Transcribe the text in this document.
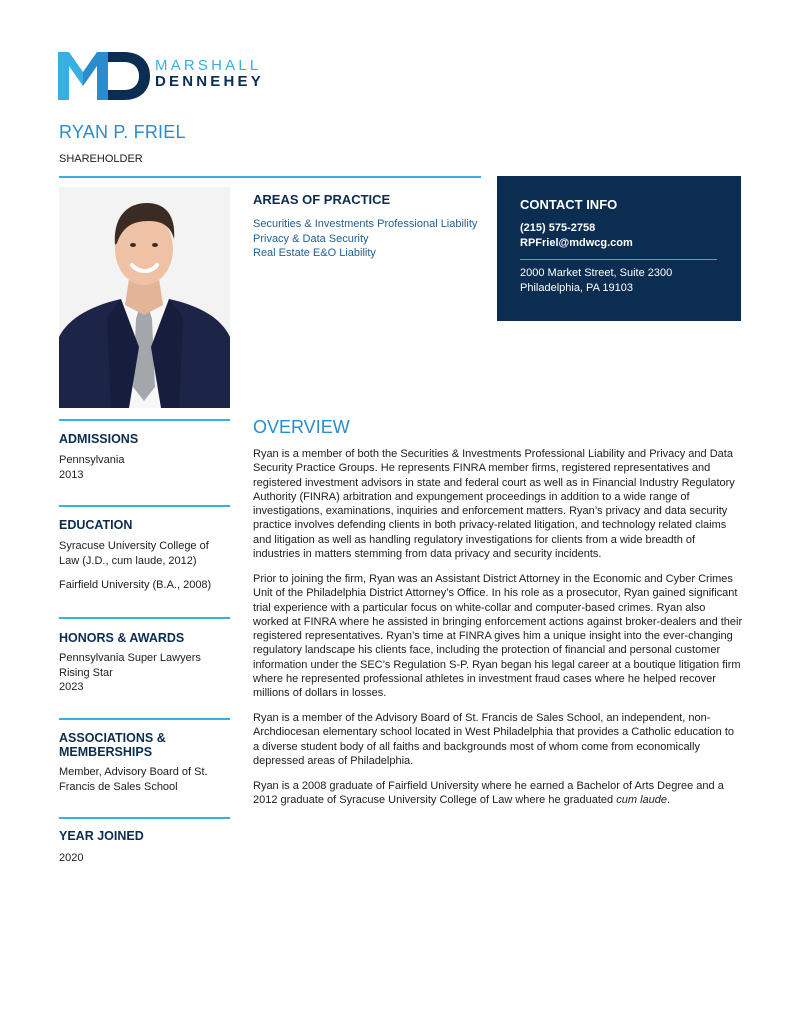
MARSHALL
DENNEHEY
RYAN P. FRIEL
SHAREHOLDER
AREAS OF PRACTICE
Securities & Investments Professional Liability
Privacy & Data Security
Real Estate E&O Liability
CONTACT INFO
(215) 575-2758
RPFriel@mdwcg.com
2000 Market Street, Suite 2300
Philadelphia, PA 19103
ADMISSIONS
Pennsylvania
2013
EDUCATION
Syracuse University College of Law (J.D., cum laude, 2012)
Fairfield University (B.A., 2008)
HONORS & AWARDS
Pennsylvania Super Lawyers
Rising Star
2023
ASSOCIATIONS &
MEMBERSHIPS
Member, Advisory Board of St. Francis de Sales School
YEAR JOINED
2020
OVERVIEW
Ryan is a member of both the Securities & Investments Professional Liability and Privacy and Data Security Practice Groups. He represents FINRA member firms, registered representatives and registered investment advisors in state and federal court as well as in Financial Industry Regulatory Authority (FINRA) arbitration and expungement proceedings in addition to a wide range of investigations, examinations, inquiries and enforcement matters. Ryan’s privacy and data security practice involves defending clients in both privacy-related litigation, and technology related claims and litigation as well as handling regulatory investigations for clients from a wide breadth of industries in matters stemming from data privacy and security incidents.
Prior to joining the firm, Ryan was an Assistant District Attorney in the Economic and Cyber Crimes Unit of the Philadelphia District Attorney’s Office. In his role as a prosecutor, Ryan gained significant trial experience with a particular focus on white-collar and computer-based crimes. Ryan also worked at FINRA where he assisted in bringing enforcement actions against broker-dealers and their registered representatives. Ryan’s time at FINRA gives him a unique insight into the ever-changing regulatory landscape his clients face, including the protection of financial and personal customer information under the SEC’s Regulation S-P. Ryan began his legal career at a boutique litigation firm where he represented professional athletes in investment fraud cases where he helped recover millions of dollars in losses.
Ryan is a member of the Advisory Board of St. Francis de Sales School, an independent, non-Archdiocesan elementary school located in West Philadelphia that provides a Catholic education to a diverse student body of all faiths and backgrounds most of whom come from economically depressed areas of Philadelphia.
Ryan is a 2008 graduate of Fairfield University where he earned a Bachelor of Arts Degree and a 2012 graduate of Syracuse University College of Law where he graduated cum laude.
